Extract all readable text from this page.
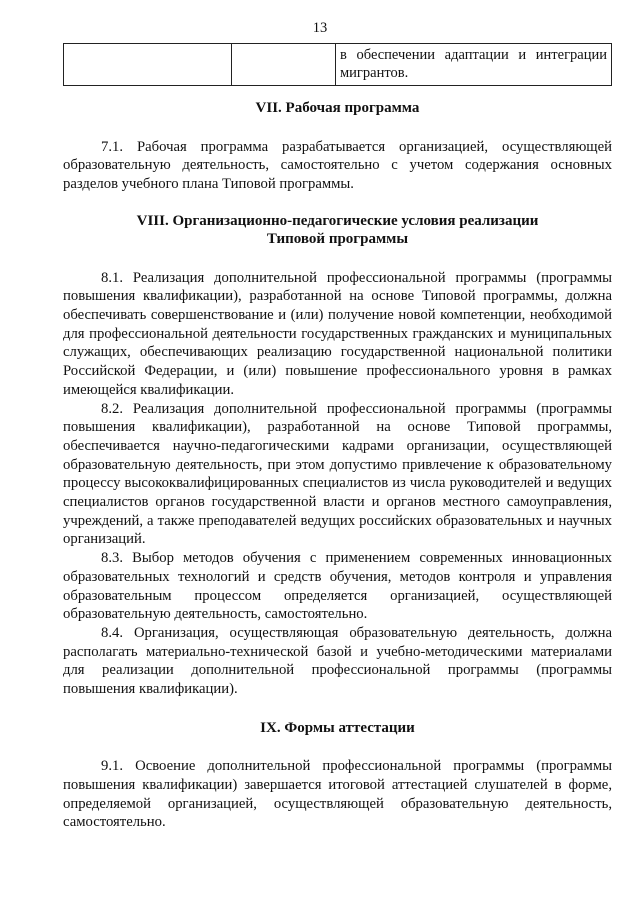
13
		в обеспечении адаптации и интеграции мигрантов.
VII. Рабочая программа

7.1. Рабочая программа разрабатывается организацией, осуществляющей образовательную деятельность, самостоятельно с учетом содержания основных разделов учебного плана Типовой программы.

VIII. Организационно-педагогические условия реализации
Типовой программы

8.1. Реализация дополнительной профессиональной программы (программы повышения квалификации), разработанной на основе Типовой программы, должна обеспечивать совершенствование и (или) получение новой компетенции, необходимой для профессиональной деятельности государственных гражданских и муниципальных служащих, обеспечивающих реализацию государственной национальной политики Российской Федерации, и (или) повышение профессионального уровня в рамках имеющейся квалификации.

8.2. Реализация дополнительной профессиональной программы (программы повышения квалификации), разработанной на основе Типовой программы, обеспечивается научно-педагогическими кадрами организации, осуществляющей образовательную деятельность, при этом допустимо привлечение к образовательному процессу высококвалифицированных специалистов из числа руководителей и ведущих специалистов органов государственной власти и органов местного самоуправления, учреждений, а также преподавателей ведущих российских образовательных и научных организаций.

8.3. Выбор методов обучения с применением современных инновационных образовательных технологий и средств обучения, методов контроля и управления образовательным процессом определяется организацией, осуществляющей образовательную деятельность, самостоятельно.

8.4. Организация, осуществляющая образовательную деятельность, должна располагать материально-технической базой и учебно-методическими материалами для реализации дополнительной профессиональной программы (программы повышения квалификации).

IX. Формы аттестации

9.1. Освоение дополнительной профессиональной программы (программы повышения квалификации) завершается итоговой аттестацией слушателей в форме, определяемой организацией, осуществляющей образовательную деятельность, самостоятельно.
